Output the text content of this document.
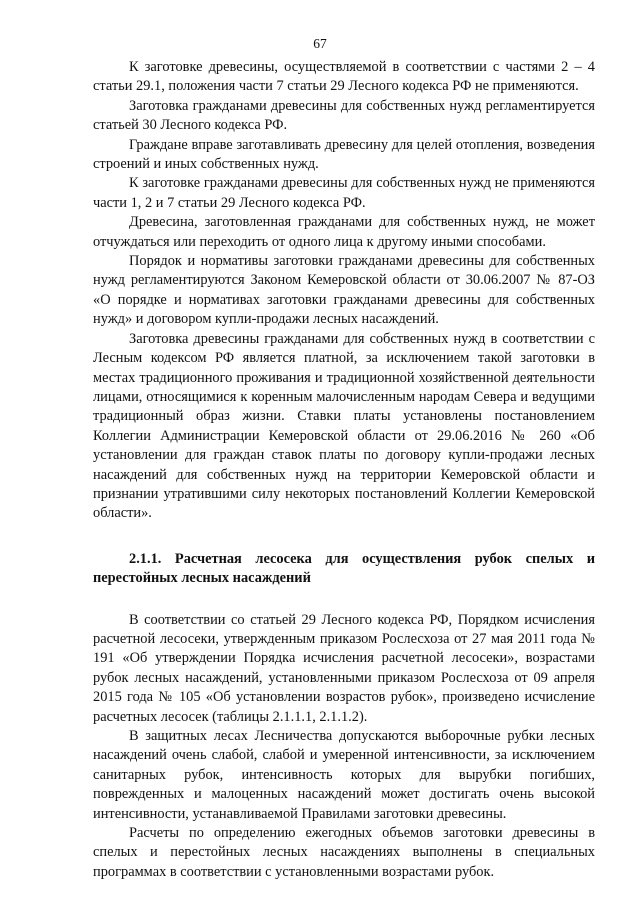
67

К заготовке древесины, осуществляемой в соответствии с частями 2 – 4 статьи 29.1, положения части 7 статьи 29 Лесного кодекса РФ не применяются.

Заготовка гражданами древесины для собственных нужд регламентируется статьей 30 Лесного кодекса РФ.

Граждане вправе заготавливать древесину для целей отопления, возведения строений и иных собственных нужд.

К заготовке гражданами древесины для собственных нужд не применяются части 1, 2 и 7 статьи 29 Лесного кодекса РФ.

Древесина, заготовленная гражданами для собственных нужд, не может отчуждаться или переходить от одного лица к другому иными способами.

Порядок и нормативы заготовки гражданами древесины для собственных нужд регламентируются Законом Кемеровской области от 30.06.2007 № 87-ОЗ «О порядке и нормативах заготовки гражданами древесины для собственных нужд» и договором купли-продажи лесных насаждений.

Заготовка древесины гражданами для собственных нужд в соответствии с Лесным кодексом РФ является платной, за исключением такой заготовки в местах традиционного проживания и традиционной хозяйственной деятельности лицами, относящимися к коренным малочисленным народам Севера и ведущими традиционный образ жизни. Ставки платы установлены постановлением Коллегии Администрации Кемеровской области от 29.06.2016 № 260 «Об установлении для граждан ставок платы по договору купли-продажи лесных насаждений для собственных нужд на территории Кемеровской области и признании утратившими силу некоторых постановлений Коллегии Кемеровской области».

2.1.1. Расчетная лесосека для осуществления рубок спелых и перестойных лесных насаждений

В соответствии со статьей 29 Лесного кодекса РФ, Порядком исчисления расчетной лесосеки, утвержденным приказом Рослесхоза от 27 мая 2011 года № 191 «Об утверждении Порядка исчисления расчетной лесосеки», возрастами рубок лесных насаждений, установленными приказом Рослесхоза от 09 апреля 2015 года № 105 «Об установлении возрастов рубок», произведено исчисление расчетных лесосек (таблицы 2.1.1.1, 2.1.1.2).

В защитных лесах Лесничества допускаются выборочные рубки лесных насаждений очень слабой, слабой и умеренной интенсивности, за исключением санитарных рубок, интенсивность которых для вырубки погибших, поврежденных и малоценных насаждений может достигать очень высокой интенсивности, устанавливаемой Правилами заготовки древесины.

Расчеты по определению ежегодных объемов заготовки древесины в спелых и перестойных лесных насаждениях выполнены в специальных программах в соответствии с установленными возрастами рубок.
